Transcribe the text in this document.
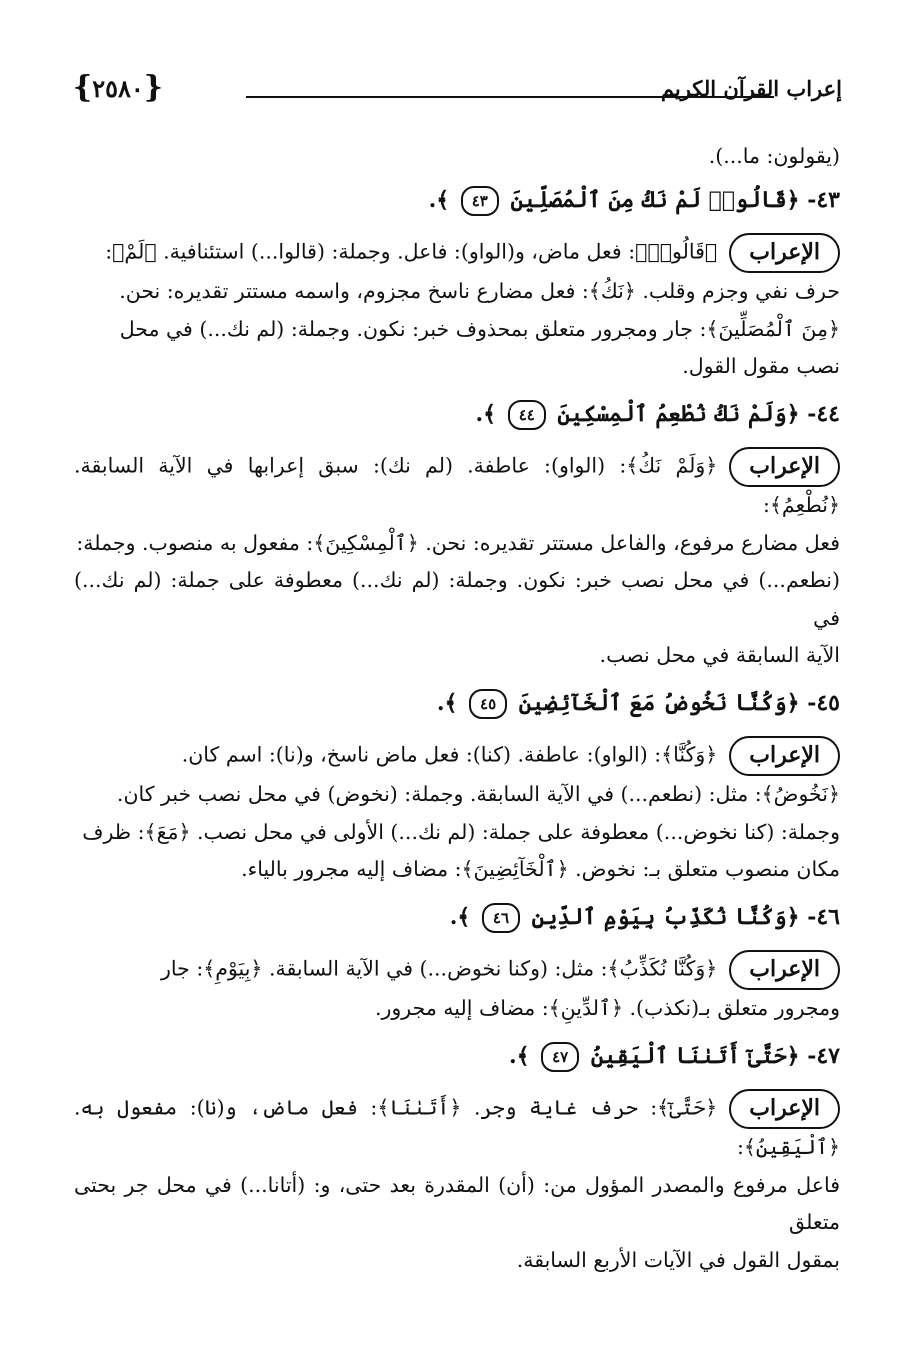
إعراب القرآن الكريم
{
٢٥٨٠
}
(يقولون: ما...).
٤٣- ﴿قَالُوا۟ لَمْ نَكُ مِنَ ٱلْمُصَلِّينَ ٤٣ ﴾.
الإعراب﴿قَالُوا۟﴾: فعل ماض، و(الواو): فاعل. وجملة: (قالوا...) استئنافية. ﴿لَمْ﴾:
حرف نفي وجزم وقلب. ﴿نَكُ﴾: فعل مضارع ناسخ مجزوم، واسمه مستتر تقديره: نحن.
﴿مِنَ ٱلْمُصَلِّينَ﴾: جار ومجرور متعلق بمحذوف خبر: نكون. وجملة: (لم نك...) في محل
نصب مقول القول.
٤٤- ﴿وَلَمْ نَكُ نُطْعِمُ ٱلْمِسْكِينَ ٤٤ ﴾.
الإعراب﴿وَلَمْ نَكُ﴾: (الواو): عاطفة. (لم نك): سبق إعرابها في الآية السابقة. ﴿نُطْعِمُ﴾:
فعل مضارع مرفوع، والفاعل مستتر تقديره: نحن. ﴿ٱلْمِسْكِينَ﴾: مفعول به منصوب. وجملة:
(نطعم...) في محل نصب خبر: نكون. وجملة: (لم نك...) معطوفة على جملة: (لم نك...) في
الآية السابقة في محل نصب.
٤٥- ﴿وَكُنَّا نَخُوضُ مَعَ ٱلْخَآئِضِينَ ٤٥ ﴾.
الإعراب﴿وَكُنَّا﴾: (الواو): عاطفة. (كنا): فعل ماض ناسخ، و(نا): اسم كان.
﴿نَخُوضُ﴾: مثل: (نطعم...) في الآية السابقة. وجملة: (نخوض) في محل نصب خبر كان.
وجملة: (كنا نخوض...) معطوفة على جملة: (لم نك...) الأولى في محل نصب. ﴿مَعَ﴾: ظرف
مكان منصوب متعلق بـ: نخوض. ﴿ٱلْخَآئِضِينَ﴾: مضاف إليه مجرور بالياء.
٤٦- ﴿وَكُنَّا نُكَذِّبُ بِيَوْمِ ٱلدِّينِ ٤٦ ﴾.
الإعراب﴿وَكُنَّا نُكَذِّبُ﴾: مثل: (وكنا نخوض...) في الآية السابقة. ﴿بِيَوْمِ﴾: جار
ومجرور متعلق بـ(نكذب). ﴿ٱلدِّينِ﴾: مضاف إليه مجرور.
٤٧- ﴿حَتَّىٰٓ أَتَىٰنَا ٱلْيَقِينُ ٤٧ ﴾.
الإعراب﴿حَتَّىٰٓ﴾: حرف غاية وجر. ﴿أَتَىٰنَا﴾: فعل ماض، و(نا): مفعول به. ﴿ٱلْيَقِينُ﴾:
فاعل مرفوع والمصدر المؤول من: (أن) المقدرة بعد حتى، و: (أتانا...) في محل جر بحتى متعلق
بمقول القول في الآيات الأربع السابقة.
